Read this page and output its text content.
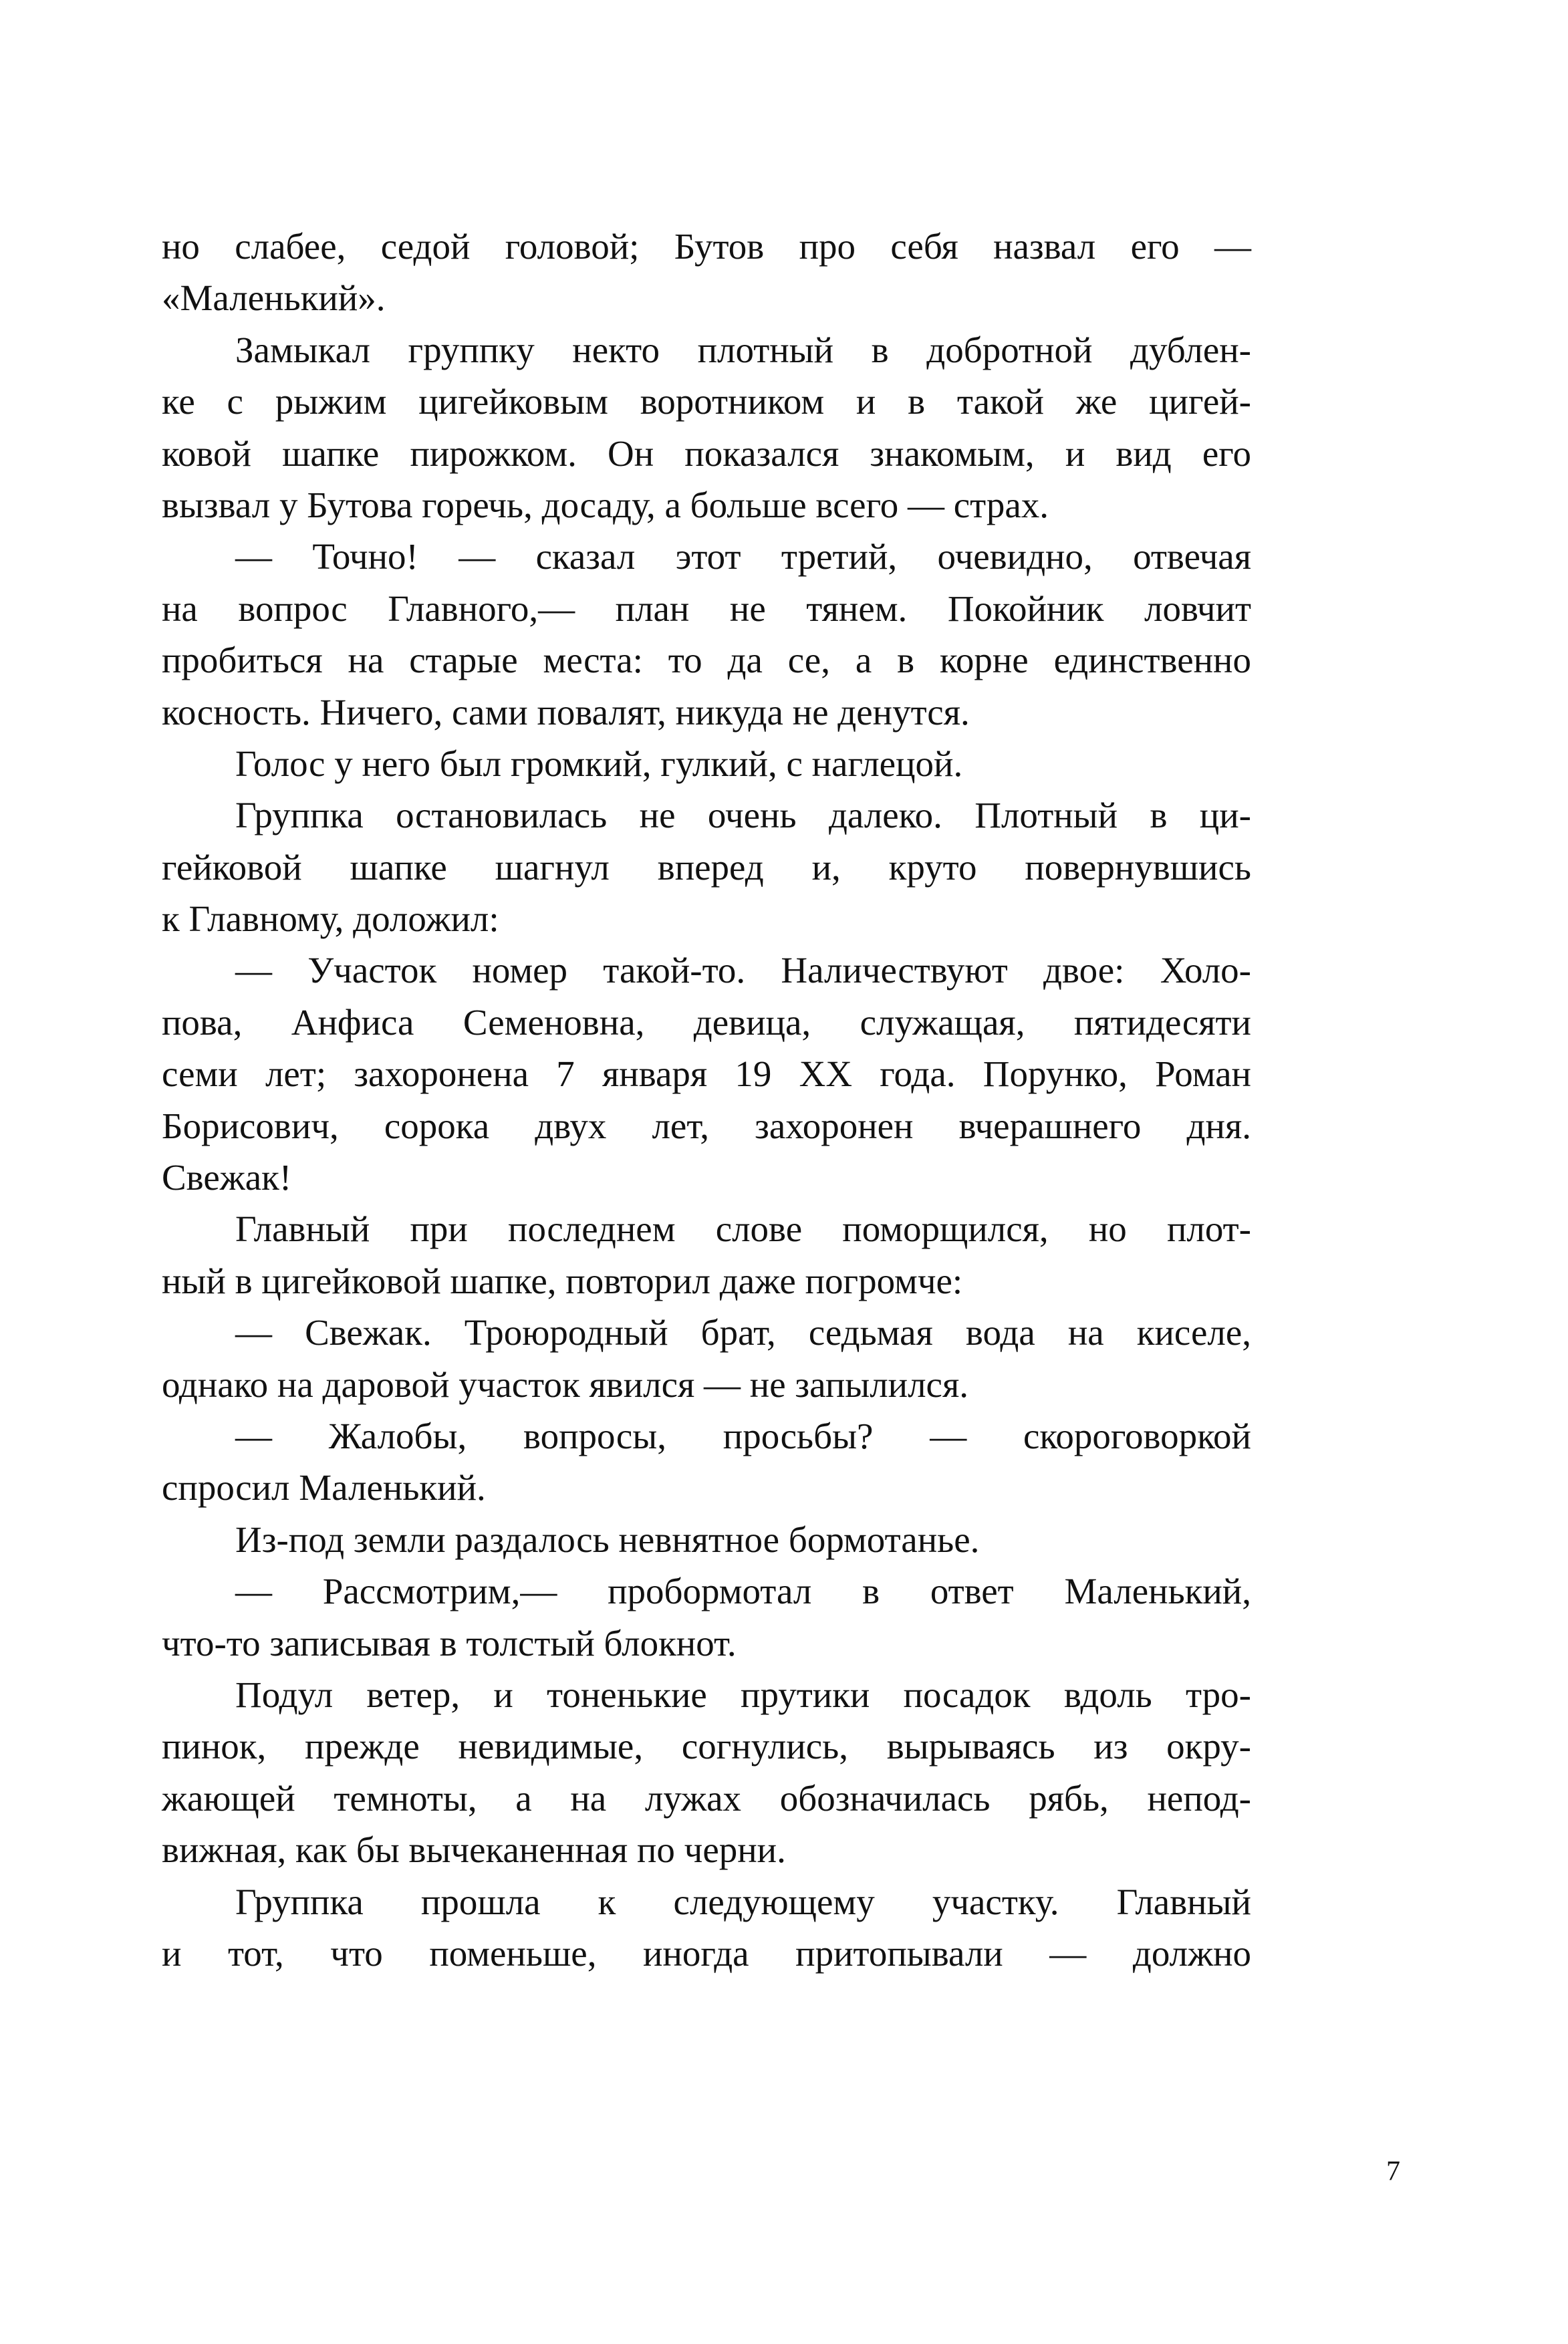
но слабее, седой головой; Бутов про себя назвал его —
«Маленький».
Замыкал группку некто плотный в добротной дублен-
ке с рыжим цигейковым воротником и в такой же цигей-
ковой шапке пирожком. Он показался знакомым, и вид его
вызвал у Бутова горечь, досаду, а больше всего — страх.
— Точно! — сказал этот третий, очевидно, отвечая
на вопрос Главного,— план не тянем. Покойник ловчит
пробиться на старые места: то да се, а в корне единственно
косность. Ничего, сами повалят, никуда не денутся.
Голос у него был громкий, гулкий, с наглецой.
Группка остановилась не очень далеко. Плотный в ци-
гейковой шапке шагнул вперед и, круто повернувшись
к Главному, доложил:
— Участок номер такой-то. Наличествуют двое: Холо-
пова, Анфиса Семеновна, девица, служащая, пятидесяти
семи лет; захоронена 7 января 19 XX года. Порунко, Роман
Борисович, сорока двух лет, захоронен вчерашнего дня.
Свежак!
Главный при последнем слове поморщился, но плот-
ный в цигейковой шапке, повторил даже погромче:
— Свежак. Троюродный брат, седьмая вода на киселе,
однако на даровой участок явился — не запылился.
— Жалобы, вопросы, просьбы? — скороговоркой
спросил Маленький.
Из-под земли раздалось невнятное бормотанье.
— Рассмотрим,— пробормотал в ответ Маленький,
что-то записывая в толстый блокнот.
Подул ветер, и тоненькие прутики посадок вдоль тро-
пинок, прежде невидимые, согнулись, вырываясь из окру-
жающей темноты, а на лужах обозначилась рябь, непод-
вижная, как бы вычеканенная по черни.
Группка прошла к следующему участку. Главный
и тот, что поменьше, иногда притопывали — должно
7
